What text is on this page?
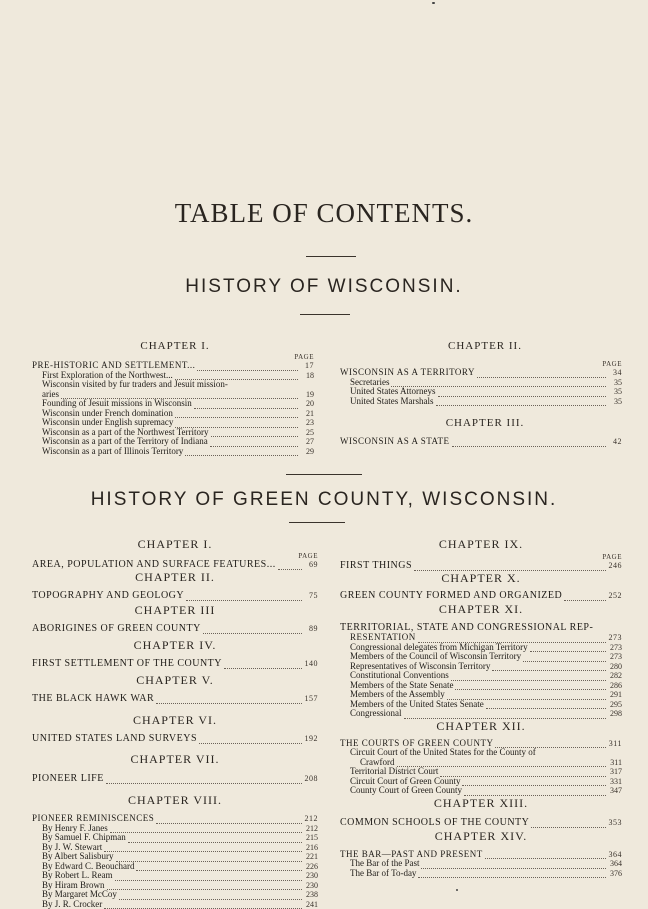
TABLE OF CONTENTS.
HISTORY OF WISCONSIN.
CHAPTER I.
PAGE
PRE-HISTORIC AND SETTLEMENT...	17
First Exploration of the Northwest...	18
Wisconsin visited by fur traders and Jesuit mission-
aries	19
Founding of Jesuit missions in Wisconsin	20
Wisconsin under French domination	21
Wisconsin under English supremacy	23
Wisconsin as a part of the Northwest Territory	25
Wisconsin as a part of the Territory of Indiana	27
Wisconsin as a part of Illinois Territory	29
CHAPTER II.
PAGE
WISCONSIN AS A TERRITORY	34
Secretaries	35
United States Attorneys	35
United States Marshals	35
CHAPTER III.
WISCONSIN AS A STATE	42
HISTORY OF GREEN COUNTY, WISCONSIN.
CHAPTER I.
PAGE
AREA, POPULATION AND SURFACE FEATURES...	69
CHAPTER II.
TOPOGRAPHY AND GEOLOGY	75
CHAPTER III
ABORIGINES OF GREEN COUNTY	89
CHAPTER IV.
FIRST SETTLEMENT OF THE COUNTY	140
CHAPTER V.
THE BLACK HAWK WAR	157
CHAPTER VI.
UNITED STATES LAND SURVEYS	192
CHAPTER VII.
PIONEER LIFE	208
CHAPTER VIII.
PIONEER REMINISCENCES	212
By Henry F. Janes	212
By Samuel F. Chipman	215
By J. W. Stewart	216
By Albert Salisbury	221
By Edward C. Beouchard	226
By Robert L. Ream	230
By Hiram Brown	230
By Margaret McCoy	238
By J. R. Crocker	241
CHAPTER IX.
PAGE
FIRST THINGS	246
CHAPTER X.
GREEN COUNTY FORMED AND ORGANIZED	252
CHAPTER XI.
TERRITORIAL, STATE AND CONGRESSIONAL REP-
RESENTATION	273
Congressional delegates from Michigan Territory	273
Members of the Council of Wisconsin Territory	273
Representatives of Wisconsin Territory	280
Constitutional Conventions	282
Members of the State Senate	286
Members of the Assembly	291
Members of the United States Senate	295
Congressional	298
CHAPTER XII.
THE COURTS OF GREEN COUNTY	311
Circuit Court of the United States for the County of
Crawford	311
Territorial District Court	317
Circuit Court of Green County	331
County Court of Green County	347
CHAPTER XIII.
COMMON SCHOOLS OF THE COUNTY	353
CHAPTER XIV.
THE BAR—PAST AND PRESENT	364
The Bar of the Past	364
The Bar of To-day	376
